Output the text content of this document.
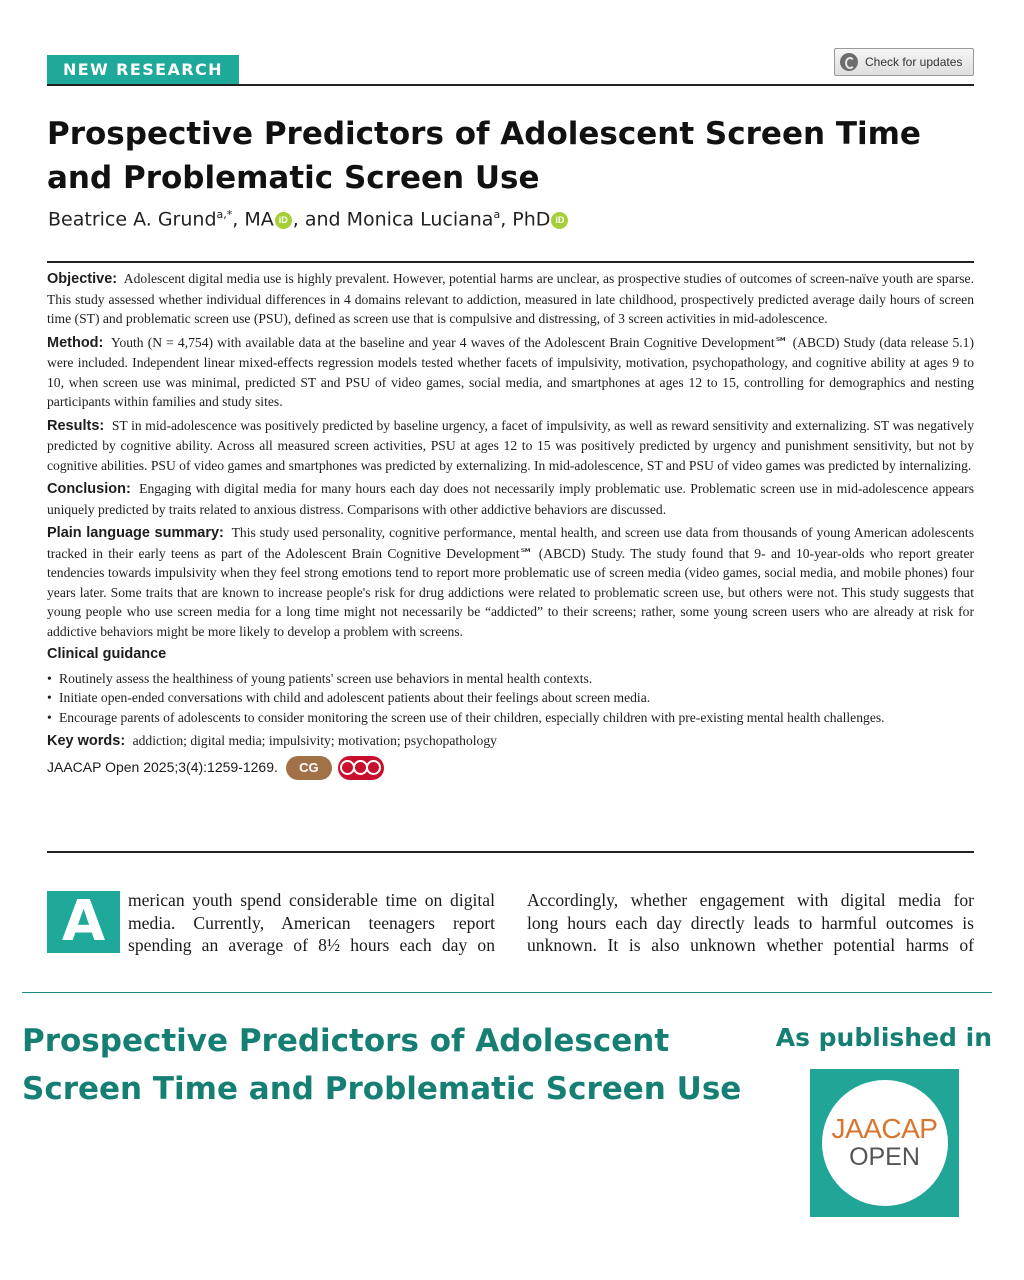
NEW RESEARCH	Check for updates
Prospective Predictors of Adolescent Screen Time and Problematic Screen Use
Beatrice A. Grund$^{a,*}$, MA iD , and Monica Luciana$^a$, PhD iD

Objective: Adolescent digital media use is highly prevalent. However, potential harms are unclear, as prospective studies of outcomes of screen-naïve youth are sparse. This study assessed whether individual differences in 4 domains relevant to addiction, measured in late childhood, prospectively predicted average daily hours of screen time (ST) and problematic screen use (PSU), defined as screen use that is compulsive and distressing, of 3 screen activities in mid-adolescence.

Method: Youth (N = 4,754) with available data at the baseline and year 4 waves of the Adolescent Brain Cognitive Development℠ (ABCD) Study (data release 5.1) were included. Independent linear mixed-effects regression models tested whether facets of impulsivity, motivation, psychopathology, and cognitive ability at ages 9 to 10, when screen use was minimal, predicted ST and PSU of video games, social media, and smartphones at ages 12 to 15, controlling for demographics and nesting participants within families and study sites.

Results: ST in mid-adolescence was positively predicted by baseline urgency, a facet of impulsivity, as well as reward sensitivity and externalizing. ST was negatively predicted by cognitive ability. Across all measured screen activities, PSU at ages 12 to 15 was positively predicted by urgency and punishment sensitivity, but not by cognitive abilities. PSU of video games and smartphones was predicted by externalizing. In mid-adolescence, ST and PSU of video games was predicted by internalizing.

Conclusion: Engaging with digital media for many hours each day does not necessarily imply problematic use. Problematic screen use in mid-adolescence appears uniquely predicted by traits related to anxious distress. Comparisons with other addictive behaviors are discussed.

Plain language summary: This study used personality, cognitive performance, mental health, and screen use data from thousands of young American adolescents tracked in their early teens as part of the Adolescent Brain Cognitive Development℠ (ABCD) Study. The study found that 9- and 10-year-olds who report greater tendencies towards impulsivity when they feel strong emotions tend to report more problematic use of screen media (video games, social media, and mobile phones) four years later. Some traits that are known to increase people's risk for drug addictions were related to problematic screen use, but others were not. This study suggests that young people who use screen media for a long time might not necessarily be “addicted” to their screens; rather, some young screen users who are already at risk for addictive behaviors might be more likely to develop a problem with screens.

Clinical guidance

• Routinely assess the healthiness of young patients' screen use behaviors in mental health contexts.
• Initiate open-ended conversations with child and adolescent patients about their feelings about screen media.
• Encourage parents of adolescents to consider monitoring the screen use of their children, especially children with pre-existing mental health challenges.

Key words: addiction; digital media; impulsivity; motivation; psychopathology

JAACAP Open 2025;3(4):1259-1269.	CG
A	merican youth spend considerable time on digital
media. Currently, American teenagers report
spending an average of 8½ hours each day on
Accordingly, whether engagement with digital media for
long hours each day directly leads to harmful outcomes is
unknown. It is also unknown whether potential harms of
Prospective Predictors of Adolescent Screen Time and Problematic Screen Use
As published in
JAACAP
OPEN
